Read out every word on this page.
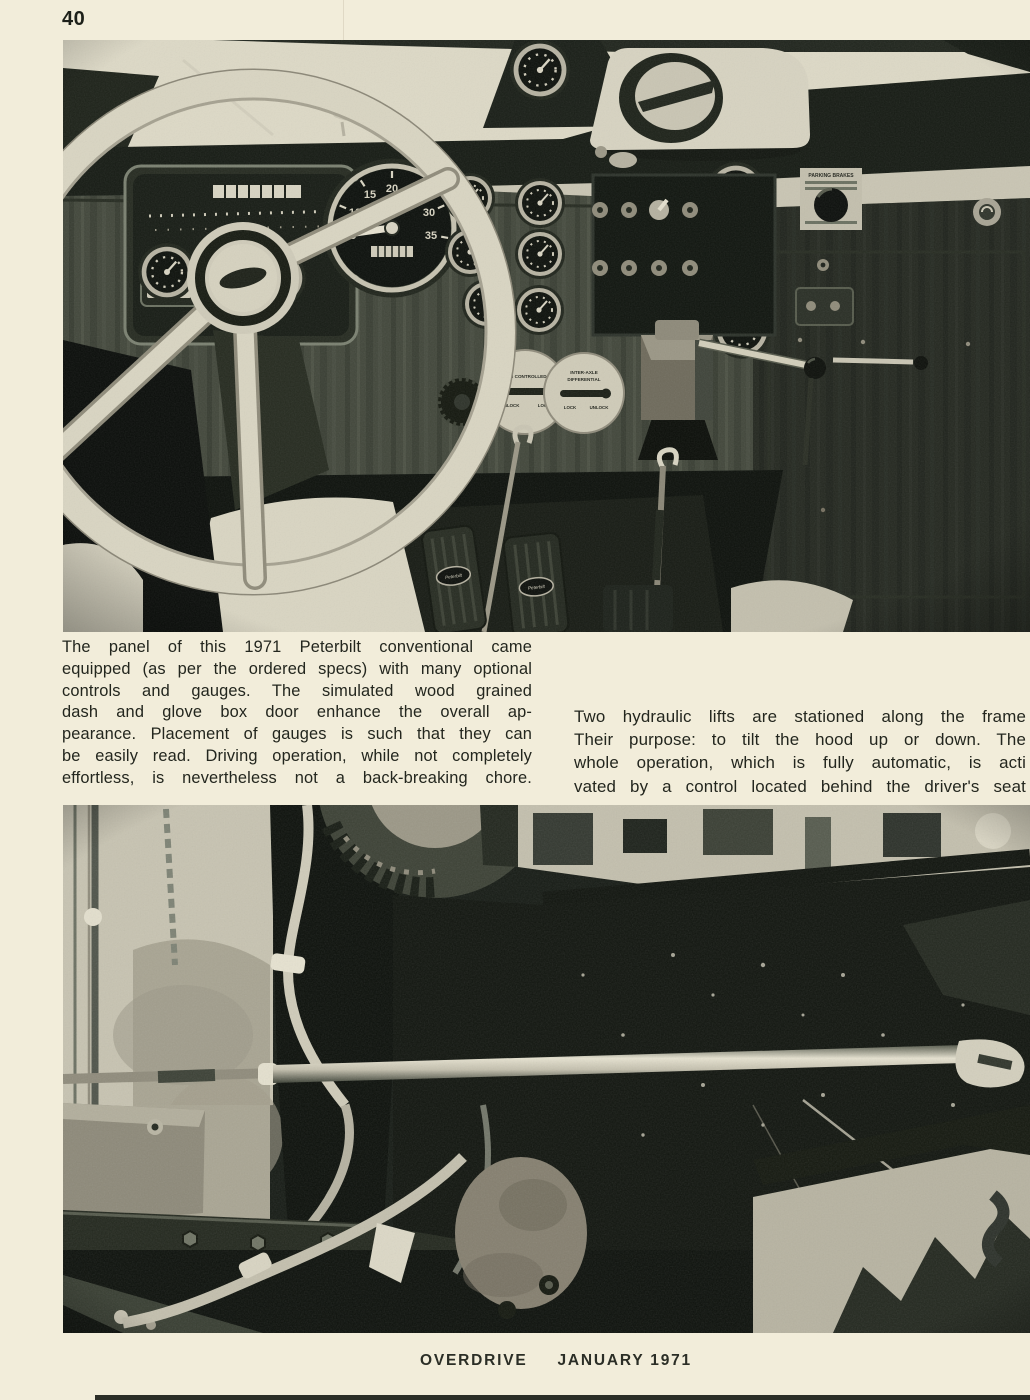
40
The panel of this 1971 Peterbilt conventional came
equipped (as per the ordered specs) with many optional
controls and gauges. The simulated wood grained
dash and glove box door enhance the overall ap-
pearance. Placement of gauges is such that they can
be easily read. Driving operation, while not completely
effortless, is nevertheless not a back-breaking chore.
Two hydraulic lifts are stationed along the frame
Their purpose: to tilt the hood up or down. The
whole operation, which is fully automatic, is acti
vated by a control located behind the driver's seat
OVERDRIVE JANUARY 1971
